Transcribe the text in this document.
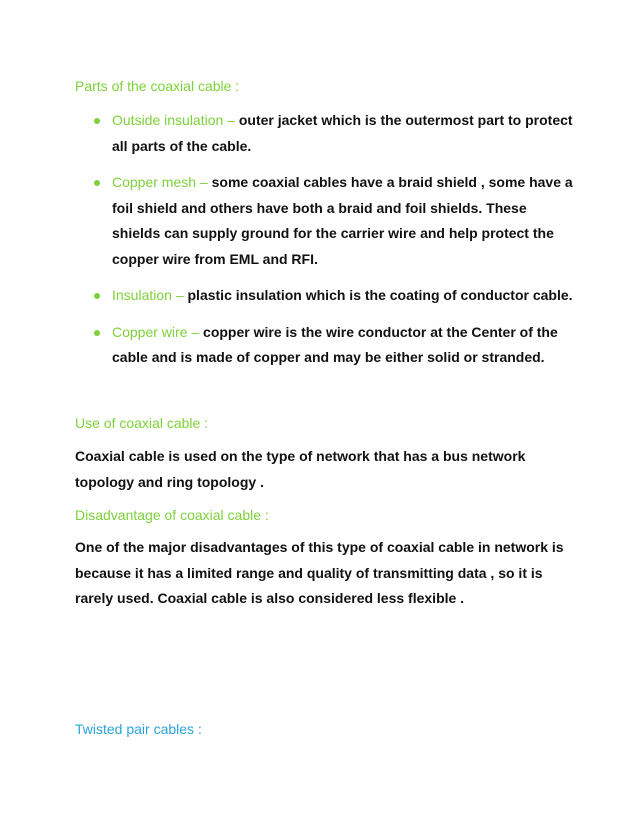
Parts of the coaxial cable :
Outside insulation – outer jacket which is the outermost part to protect all parts of the cable.
Copper mesh – some coaxial cables have a braid shield , some have a foil shield and others have both a braid and foil shields. These shields can supply ground for the carrier wire and help protect the copper wire from EML and RFI.
Insulation – plastic insulation which is the coating of conductor cable.
Copper wire – copper wire is the wire conductor at the Center of the cable and is made of copper and may be either solid or stranded.
Use of coaxial cable :

Coaxial cable is used on the type of network that has a bus network topology and ring topology .

Disadvantage of coaxial cable :

One of the major disadvantages of this type of coaxial cable in network is because it has a limited range and quality of transmitting data , so it is rarely used. Coaxial cable is also considered less flexible .

Twisted pair cables :
